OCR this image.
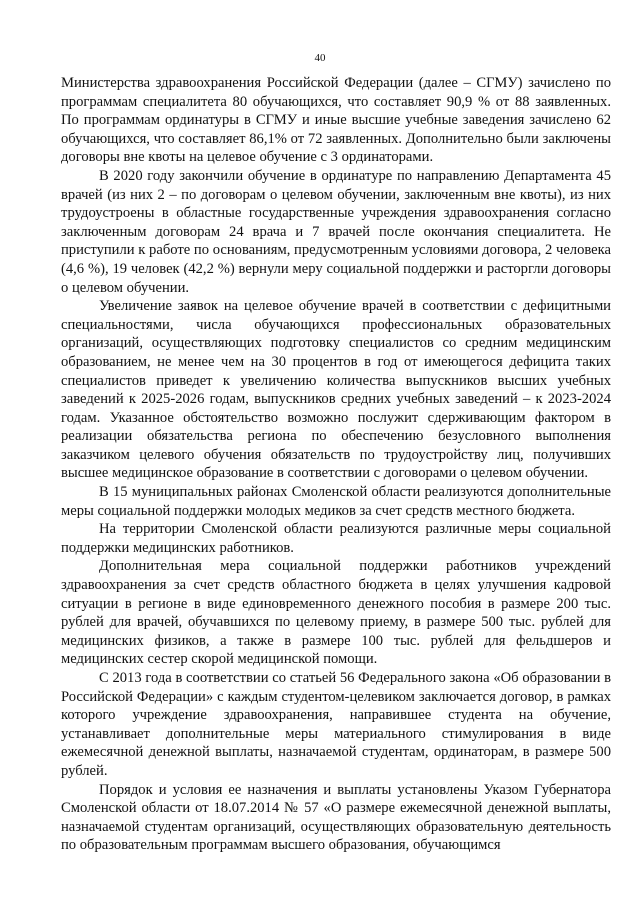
40

Министерства здравоохранения Российской Федерации (далее – СГМУ) зачислено по программам специалитета 80 обучающихся, что составляет 90,9 % от 88 заявленных. По программам ординатуры в СГМУ и иные высшие учебные заведения зачислено 62 обучающихся, что составляет 86,1% от 72 заявленных. Дополнительно были заключены договоры вне квоты на целевое обучение с 3 ординаторами.

В 2020 году закончили обучение в ординатуре по направлению Департамента 45 врачей (из них 2 – по договорам о целевом обучении, заключенным вне квоты), из них трудоустроены в областные государственные учреждения здравоохранения согласно заключенным договорам 24 врача и 7 врачей после окончания специалитета. Не приступили к работе по основаниям, предусмотренным условиями договора, 2 человека (4,6 %), 19 человек (42,2 %) вернули меру социальной поддержки и расторгли договоры о целевом обучении.

Увеличение заявок на целевое обучение врачей в соответствии с дефицитными специальностями, числа обучающихся профессиональных образовательных организаций, осуществляющих подготовку специалистов со средним медицинским образованием, не менее чем на 30 процентов в год от имеющегося дефицита таких специалистов приведет к увеличению количества выпускников высших учебных заведений к 2025-2026 годам, выпускников средних учебных заведений – к 2023-2024 годам. Указанное обстоятельство возможно послужит сдерживающим фактором в реализации обязательства региона по обеспечению безусловного выполнения заказчиком целевого обучения обязательств по трудоустройству лиц, получивших высшее медицинское образование в соответствии с договорами о целевом обучении.

В 15 муниципальных районах Смоленской области реализуются дополнительные меры социальной поддержки молодых медиков за счет средств местного бюджета.

На территории Смоленской области реализуются различные меры социальной поддержки медицинских работников.

Дополнительная мера социальной поддержки работников учреждений здравоохранения за счет средств областного бюджета в целях улучшения кадровой ситуации в регионе в виде единовременного денежного пособия в размере 200 тыс. рублей для врачей, обучавшихся по целевому приему, в размере 500 тыс. рублей для медицинских физиков, а также в размере 100 тыс. рублей для фельдшеров и медицинских сестер скорой медицинской помощи.

С 2013 года в соответствии со статьей 56 Федерального закона «Об образовании в Российской Федерации» с каждым студентом-целевиком заключается договор, в рамках которого учреждение здравоохранения, направившее студента на обучение, устанавливает дополнительные меры материального стимулирования в виде ежемесячной денежной выплаты, назначаемой студентам, ординаторам, в размере 500 рублей.

Порядок и условия ее назначения и выплаты установлены Указом Губернатора Смоленской области от 18.07.2014 № 57 «О размере ежемесячной денежной выплаты, назначаемой студентам организаций, осуществляющих образовательную деятельность по образовательным программам высшего образования, обучающимся
